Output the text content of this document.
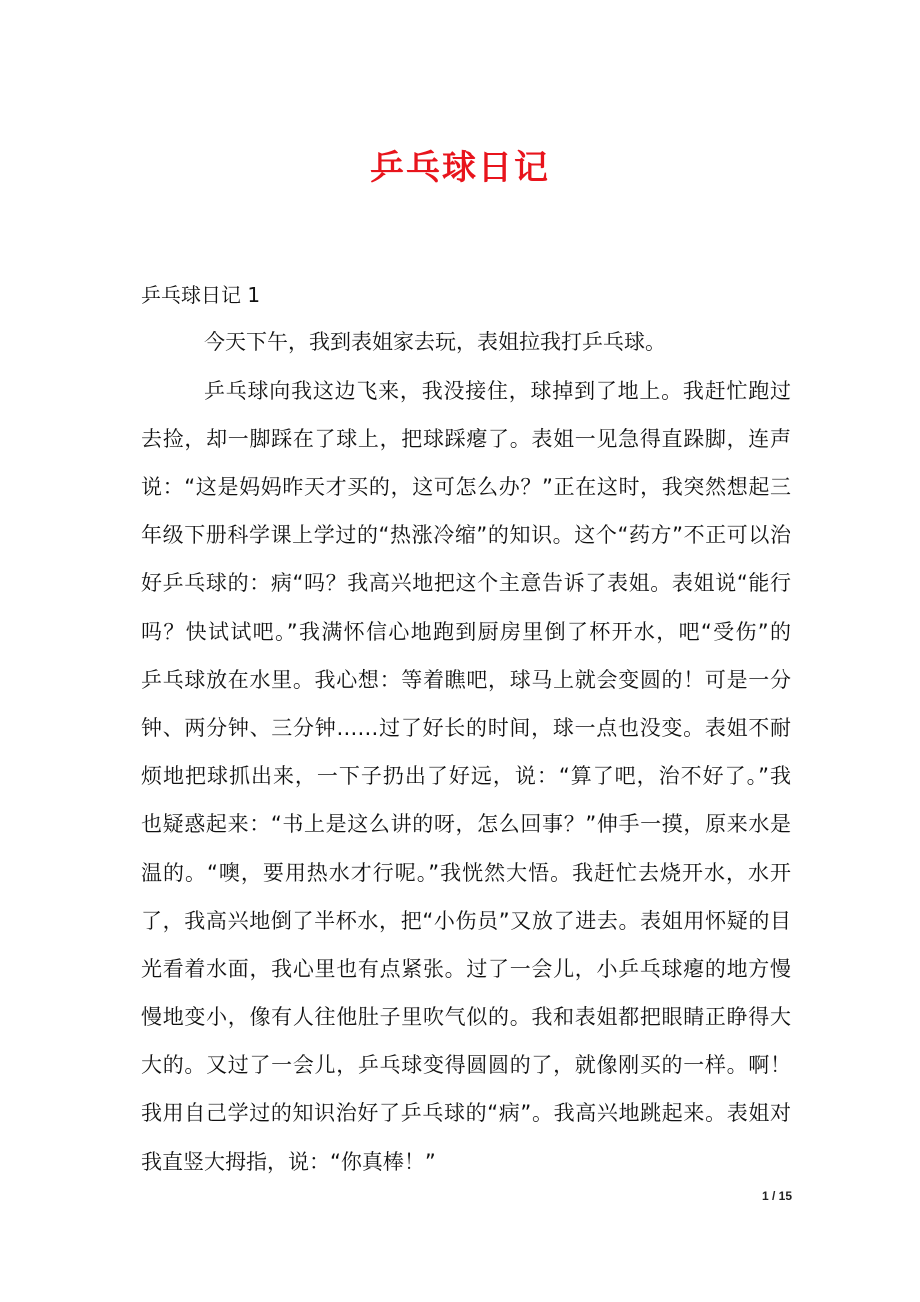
乒乓球日记

乒乓球日记 1

今天下午，我到表姐家去玩，表姐拉我打乒乓球。

乒乓球向我这边飞来，我没接住，球掉到了地上。我赶忙跑过

去捡，却一脚踩在了球上，把球踩瘪了。表姐一见急得直跺脚，连声

说：“这是妈妈昨天才买的，这可怎么办？”正在这时，我突然想起三

年级下册科学课上学过的“热涨冷缩”的知识。这个“药方”不正可以治

好乒乓球的：病“吗？我高兴地把这个主意告诉了表姐。表姐说“能行

吗？快试试吧。”我满怀信心地跑到厨房里倒了杯开水，吧“受伤”的

乒乓球放在水里。我心想：等着瞧吧，球马上就会变圆的！可是一分

钟、两分钟、三分钟……过了好长的时间，球一点也没变。表姐不耐

烦地把球抓出来，一下子扔出了好远，说：“算了吧，治不好了。”我

也疑惑起来：“书上是这么讲的呀，怎么回事？”伸手一摸，原来水是

温的。“噢，要用热水才行呢。”我恍然大悟。我赶忙去烧开水，水开

了，我高兴地倒了半杯水，把“小伤员”又放了进去。表姐用怀疑的目

光看着水面，我心里也有点紧张。过了一会儿，小乒乓球瘪的地方慢

慢地变小，像有人往他肚子里吹气似的。我和表姐都把眼睛正睁得大

大的。又过了一会儿，乒乓球变得圆圆的了，就像刚买的一样。啊！

我用自己学过的知识治好了乒乓球的“病”。我高兴地跳起来。表姐对

我直竖大拇指，说：“你真棒！”

1 / 15
